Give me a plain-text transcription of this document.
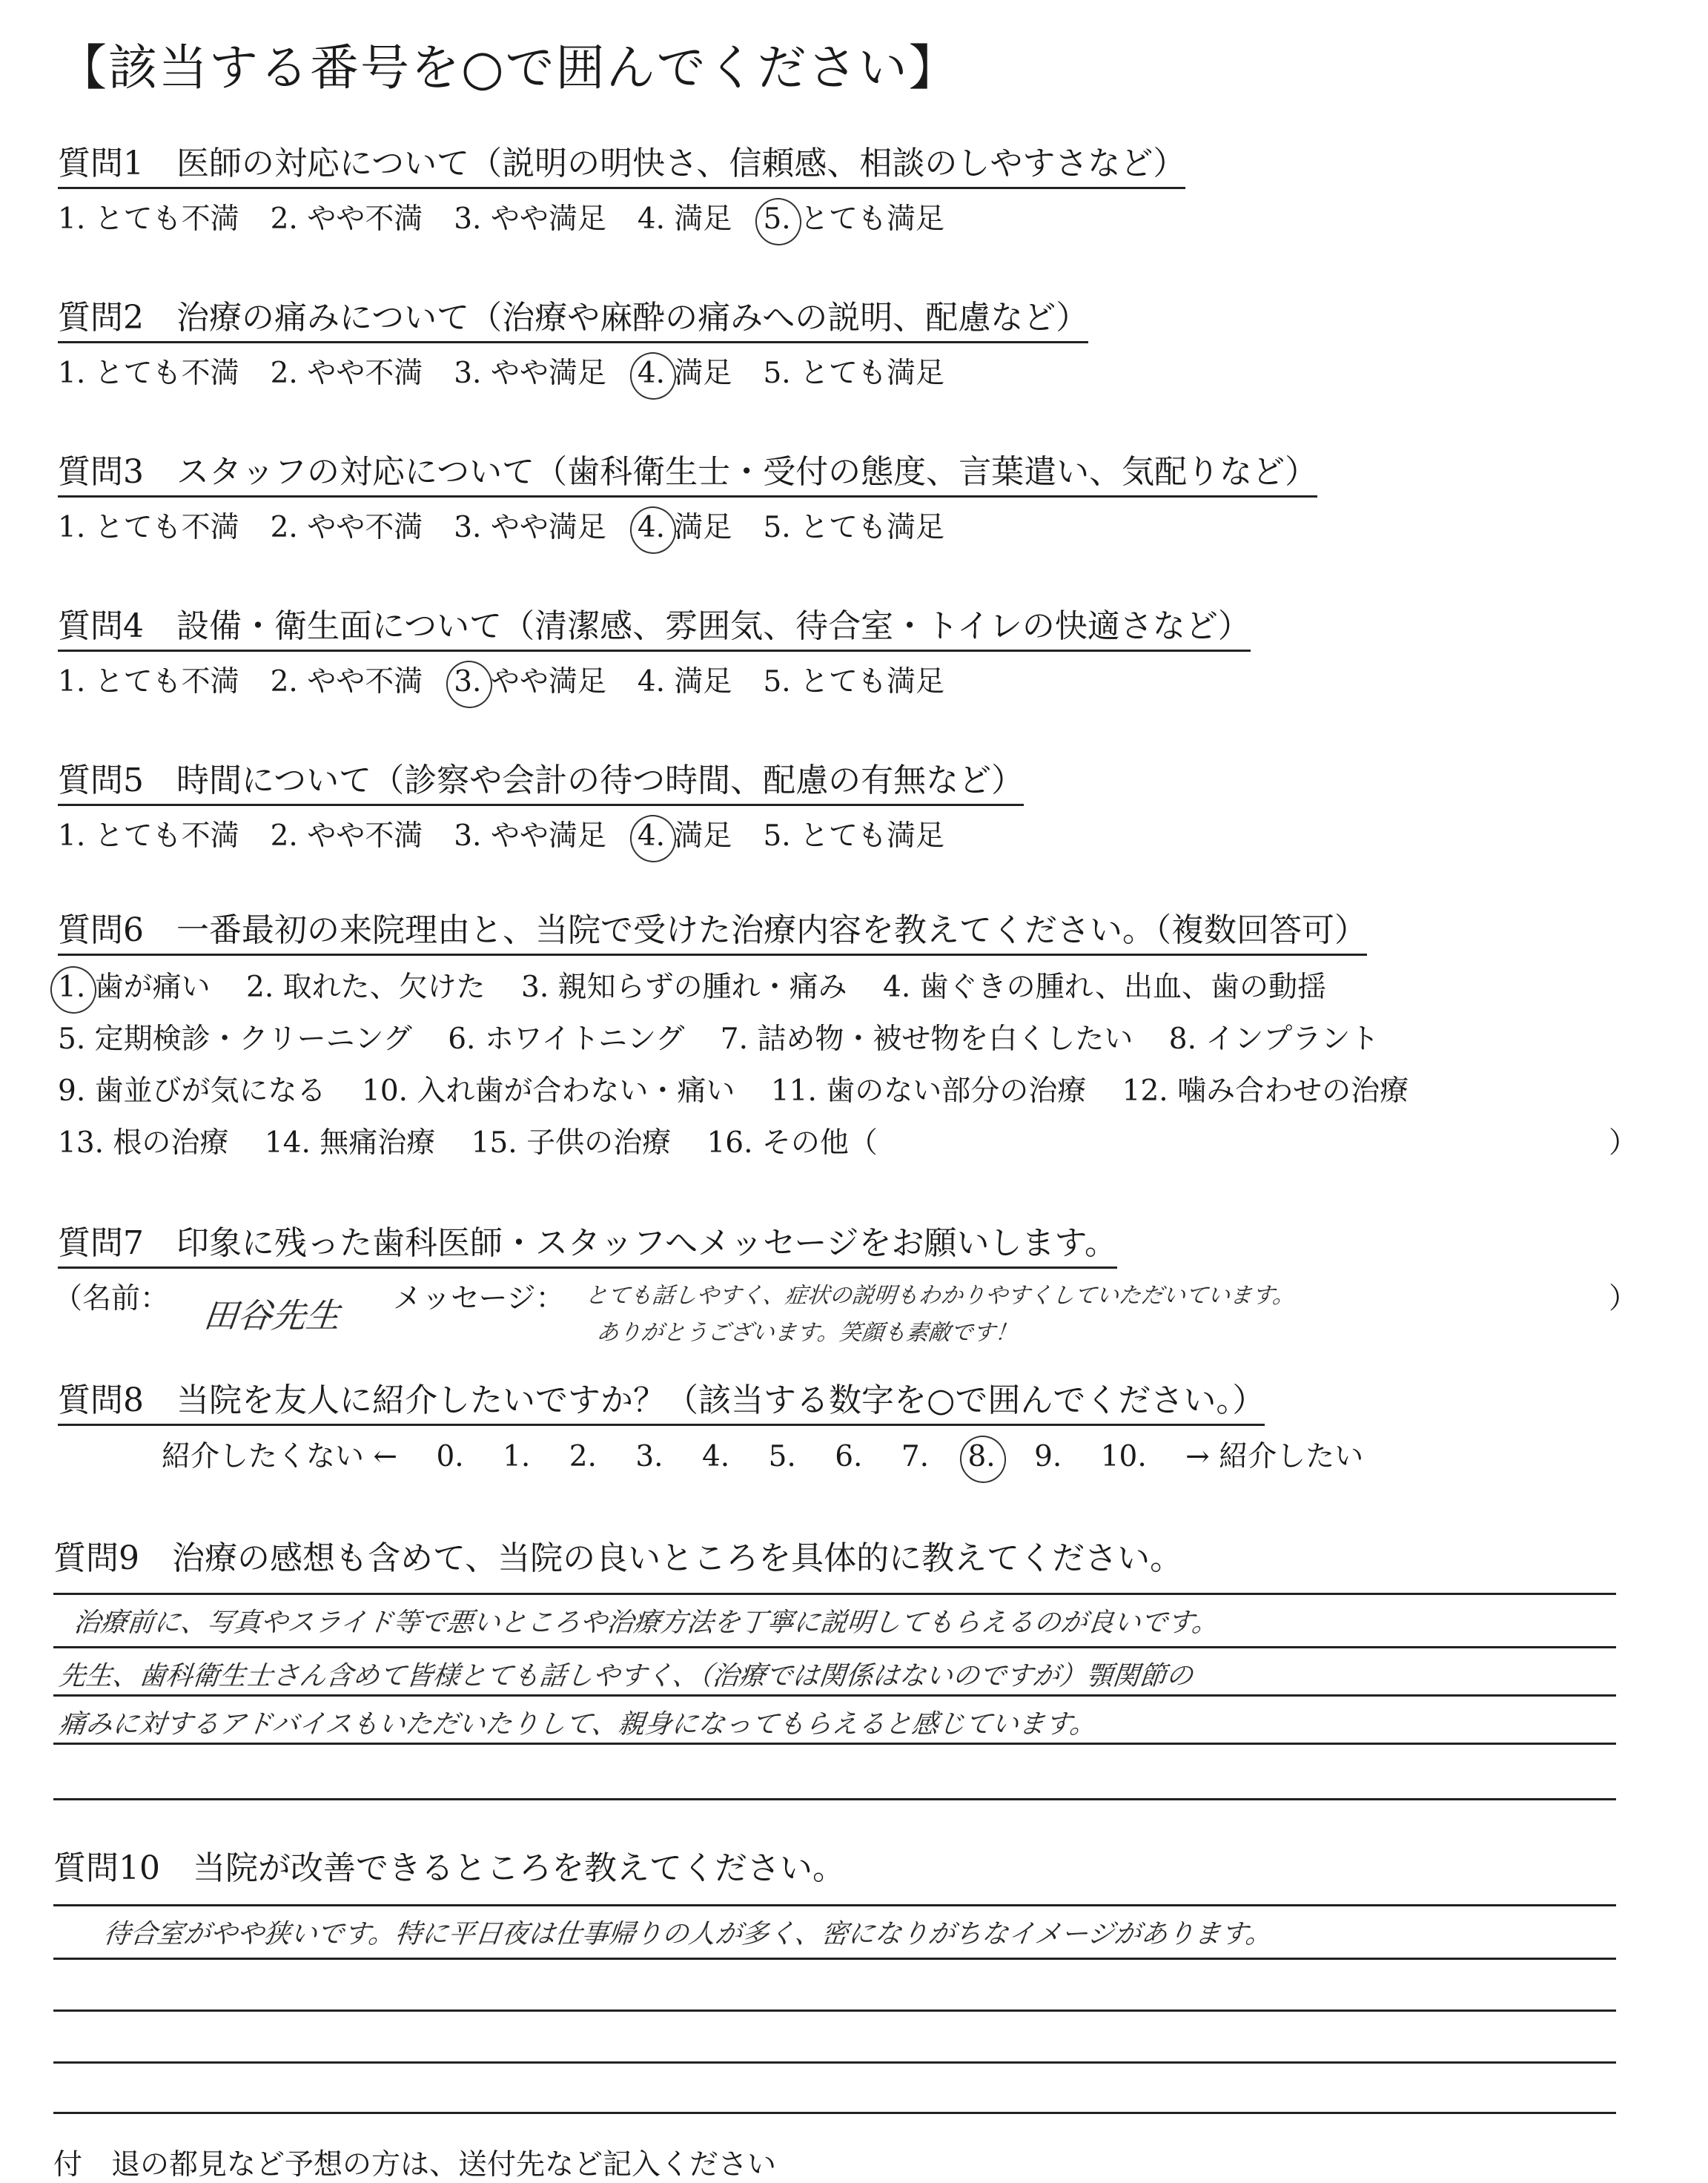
【該当する番号を○で囲んでください】
質問1　医師の対応について（説明の明快さ、信頼感、相談のしやすさなど）
1. とても不満 2. やや不満 3. やや満足 4. 満足 5. とても満足
質問2　治療の痛みについて（治療や麻酔の痛みへの説明、配慮など）
1. とても不満 2. やや不満 3. やや満足 4. 満足 5. とても満足
質問3　スタッフの対応について（歯科衛生士・受付の態度、言葉遣い、気配りなど）
1. とても不満 2. やや不満 3. やや満足 4. 満足 5. とても満足
質問4　設備・衛生面について（清潔感、雰囲気、待合室・トイレの快適さなど）
1. とても不満 2. やや不満 3. やや満足 4. 満足 5. とても満足
質問5　時間について（診察や会計の待つ時間、配慮の有無など）
1. とても不満 2. やや不満 3. やや満足 4. 満足 5. とても満足
質問6　一番最初の来院理由と、当院で受けた治療内容を教えてください。（複数回答可）
1. 歯が痛い 2. 取れた、欠けた 3. 親知らずの腫れ・痛み 4. 歯ぐきの腫れ、出血、歯の動揺
5. 定期検診・クリーニング 6. ホワイトニング 7. 詰め物・被せ物を白くしたい 8. インプラント
9. 歯並びが気になる 10. 入れ歯が合わない・痛い 11. 歯のない部分の治療 12. 噛み合わせの治療
13. 根の治療 14. 無痛治療 15. 子供の治療 16. その他（	）
質問7　印象に残った歯科医師・スタッフへメッセージをお願いします。
（名前： 田谷先生 メッセージ： とても話しやすく、症状の説明もわかりやすくしていただいています。
ありがとうございます。笑顔も素敵です！
）
質問8　当院を友人に紹介したいですか？（該当する数字を○で囲んでください。）
紹介したくない ← 0. 1. 2. 3. 4. 5. 6. 7. 8. 9. 10. → 紹介したい
質問9　治療の感想も含めて、当院の良いところを具体的に教えてください。
治療前に、写真やスライド等で悪いところや治療方法を丁寧に説明してもらえるのが良いです。
先生、歯科衛生士さん含めて皆様とても話しやすく、（治療では関係はないのですが）顎関節の
痛みに対するアドバイスもいただいたりして、親身になってもらえると感じています。
質問10　当院が改善できるところを教えてください。
待合室がやや狭いです。特に平日夜は仕事帰りの人が多く、密になりがちなイメージがあります。
付　退の都見など予想の方は、送付先など記入ください
